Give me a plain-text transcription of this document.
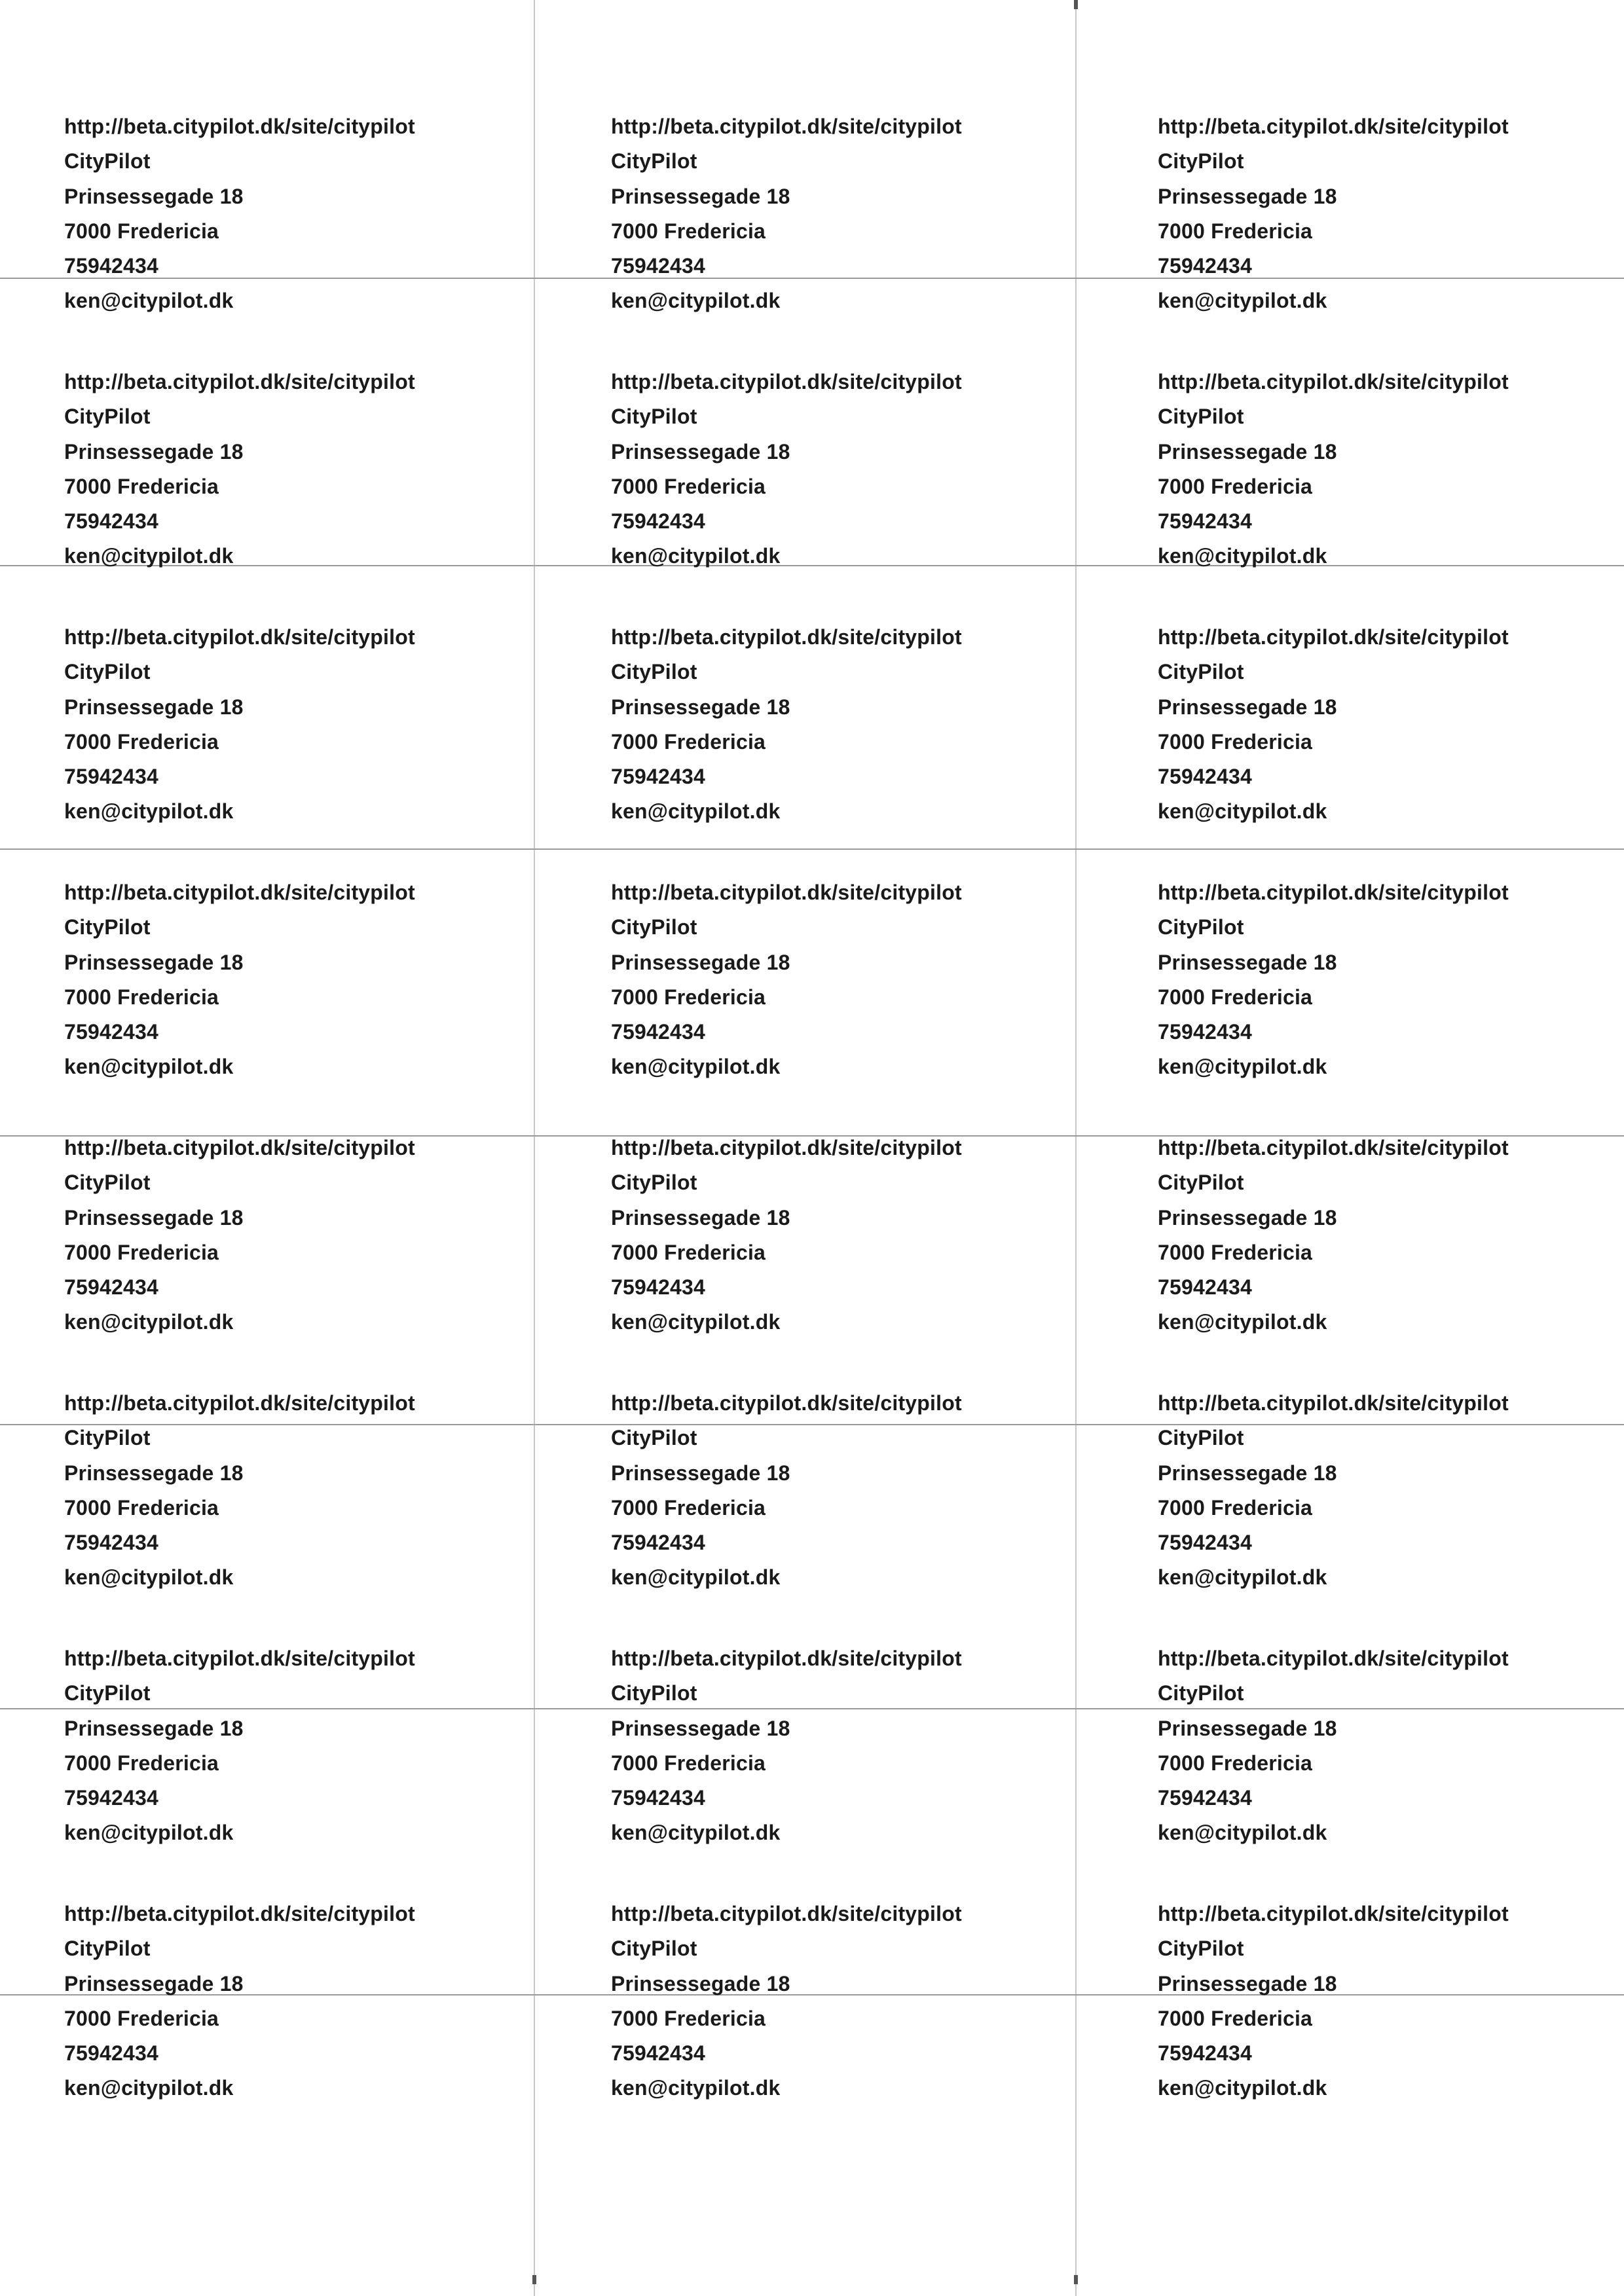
http://beta.citypilot.dk/site/citypilot
CityPilot
Prinsessegade 18
7000 Fredericia
75942434
ken@citypilot.dk
http://beta.citypilot.dk/site/citypilot
CityPilot
Prinsessegade 18
7000 Fredericia
75942434
ken@citypilot.dk
http://beta.citypilot.dk/site/citypilot
CityPilot
Prinsessegade 18
7000 Fredericia
75942434
ken@citypilot.dk
http://beta.citypilot.dk/site/citypilot
CityPilot
Prinsessegade 18
7000 Fredericia
75942434
ken@citypilot.dk
http://beta.citypilot.dk/site/citypilot
CityPilot
Prinsessegade 18
7000 Fredericia
75942434
ken@citypilot.dk
http://beta.citypilot.dk/site/citypilot
CityPilot
Prinsessegade 18
7000 Fredericia
75942434
ken@citypilot.dk
http://beta.citypilot.dk/site/citypilot
CityPilot
Prinsessegade 18
7000 Fredericia
75942434
ken@citypilot.dk
http://beta.citypilot.dk/site/citypilot
CityPilot
Prinsessegade 18
7000 Fredericia
75942434
ken@citypilot.dk
http://beta.citypilot.dk/site/citypilot
CityPilot
Prinsessegade 18
7000 Fredericia
75942434
ken@citypilot.dk
http://beta.citypilot.dk/site/citypilot
CityPilot
Prinsessegade 18
7000 Fredericia
75942434
ken@citypilot.dk
http://beta.citypilot.dk/site/citypilot
CityPilot
Prinsessegade 18
7000 Fredericia
75942434
ken@citypilot.dk
http://beta.citypilot.dk/site/citypilot
CityPilot
Prinsessegade 18
7000 Fredericia
75942434
ken@citypilot.dk
http://beta.citypilot.dk/site/citypilot
CityPilot
Prinsessegade 18
7000 Fredericia
75942434
ken@citypilot.dk
http://beta.citypilot.dk/site/citypilot
CityPilot
Prinsessegade 18
7000 Fredericia
75942434
ken@citypilot.dk
http://beta.citypilot.dk/site/citypilot
CityPilot
Prinsessegade 18
7000 Fredericia
75942434
ken@citypilot.dk
http://beta.citypilot.dk/site/citypilot
CityPilot
Prinsessegade 18
7000 Fredericia
75942434
ken@citypilot.dk
http://beta.citypilot.dk/site/citypilot
CityPilot
Prinsessegade 18
7000 Fredericia
75942434
ken@citypilot.dk
http://beta.citypilot.dk/site/citypilot
CityPilot
Prinsessegade 18
7000 Fredericia
75942434
ken@citypilot.dk
http://beta.citypilot.dk/site/citypilot
CityPilot
Prinsessegade 18
7000 Fredericia
75942434
ken@citypilot.dk
http://beta.citypilot.dk/site/citypilot
CityPilot
Prinsessegade 18
7000 Fredericia
75942434
ken@citypilot.dk
http://beta.citypilot.dk/site/citypilot
CityPilot
Prinsessegade 18
7000 Fredericia
75942434
ken@citypilot.dk
http://beta.citypilot.dk/site/citypilot
CityPilot
Prinsessegade 18
7000 Fredericia
75942434
ken@citypilot.dk
http://beta.citypilot.dk/site/citypilot
CityPilot
Prinsessegade 18
7000 Fredericia
75942434
ken@citypilot.dk
http://beta.citypilot.dk/site/citypilot
CityPilot
Prinsessegade 18
7000 Fredericia
75942434
ken@citypilot.dk
